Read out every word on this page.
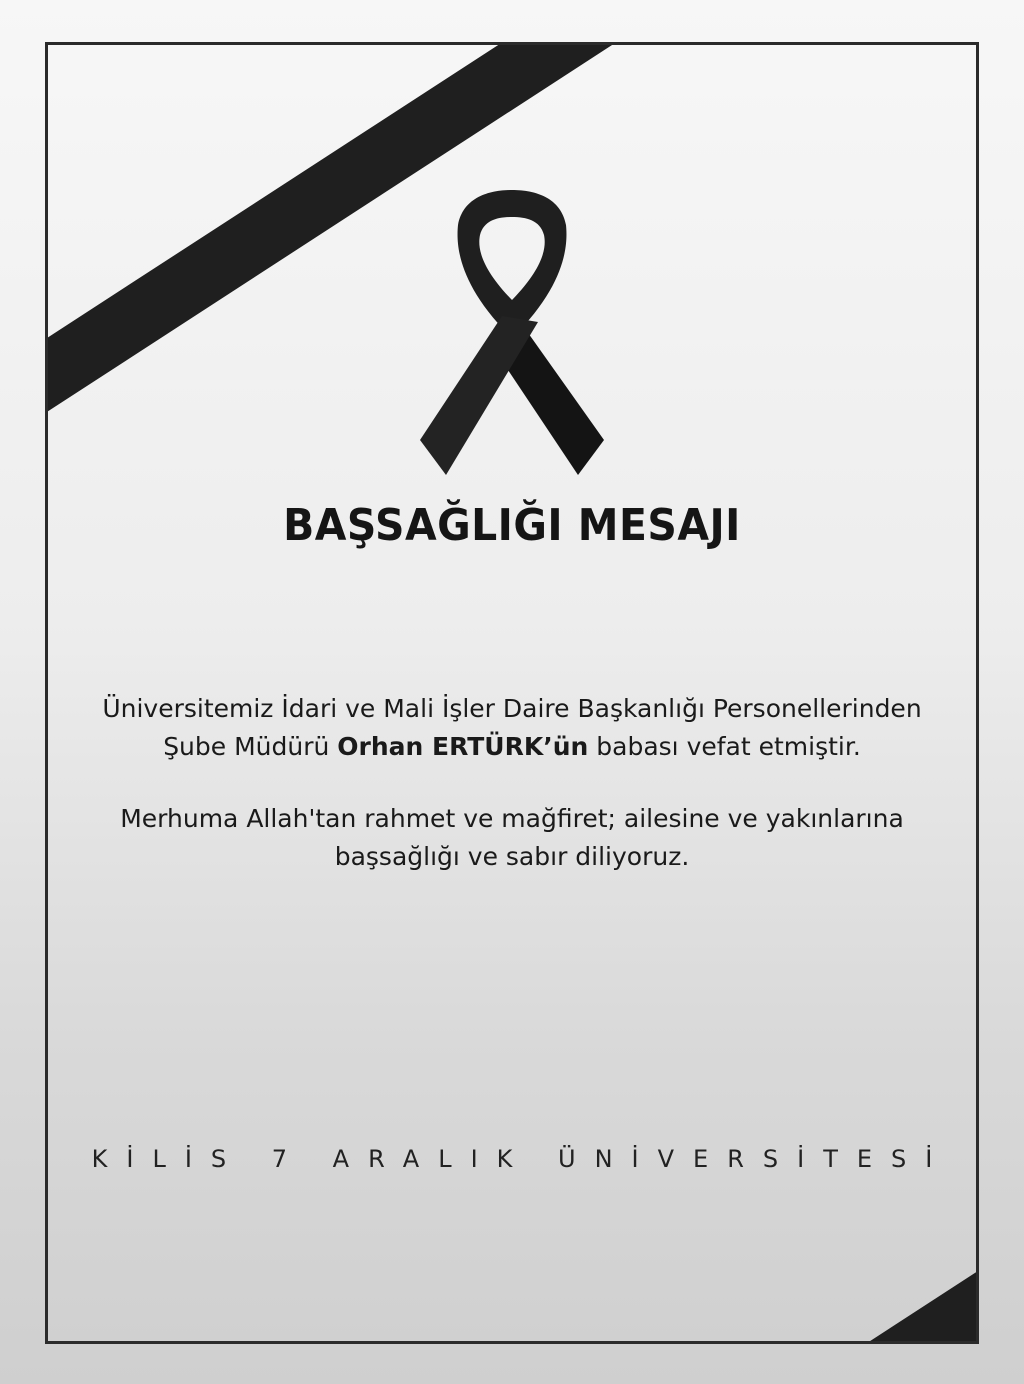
BAŞSAĞLIĞI MESAJI

Üniversitemiz İdari ve Mali İşler Daire Başkanlığı Personellerinden
Şube Müdürü Orhan ERTÜRK’ün babası vefat etmiştir.

Merhuma Allah'tan rahmet ve mağfiret; ailesine ve yakınlarına
başsağlığı ve sabır diliyoruz.

KİLİS 7 ARALIK ÜNİVERSİTESİ
